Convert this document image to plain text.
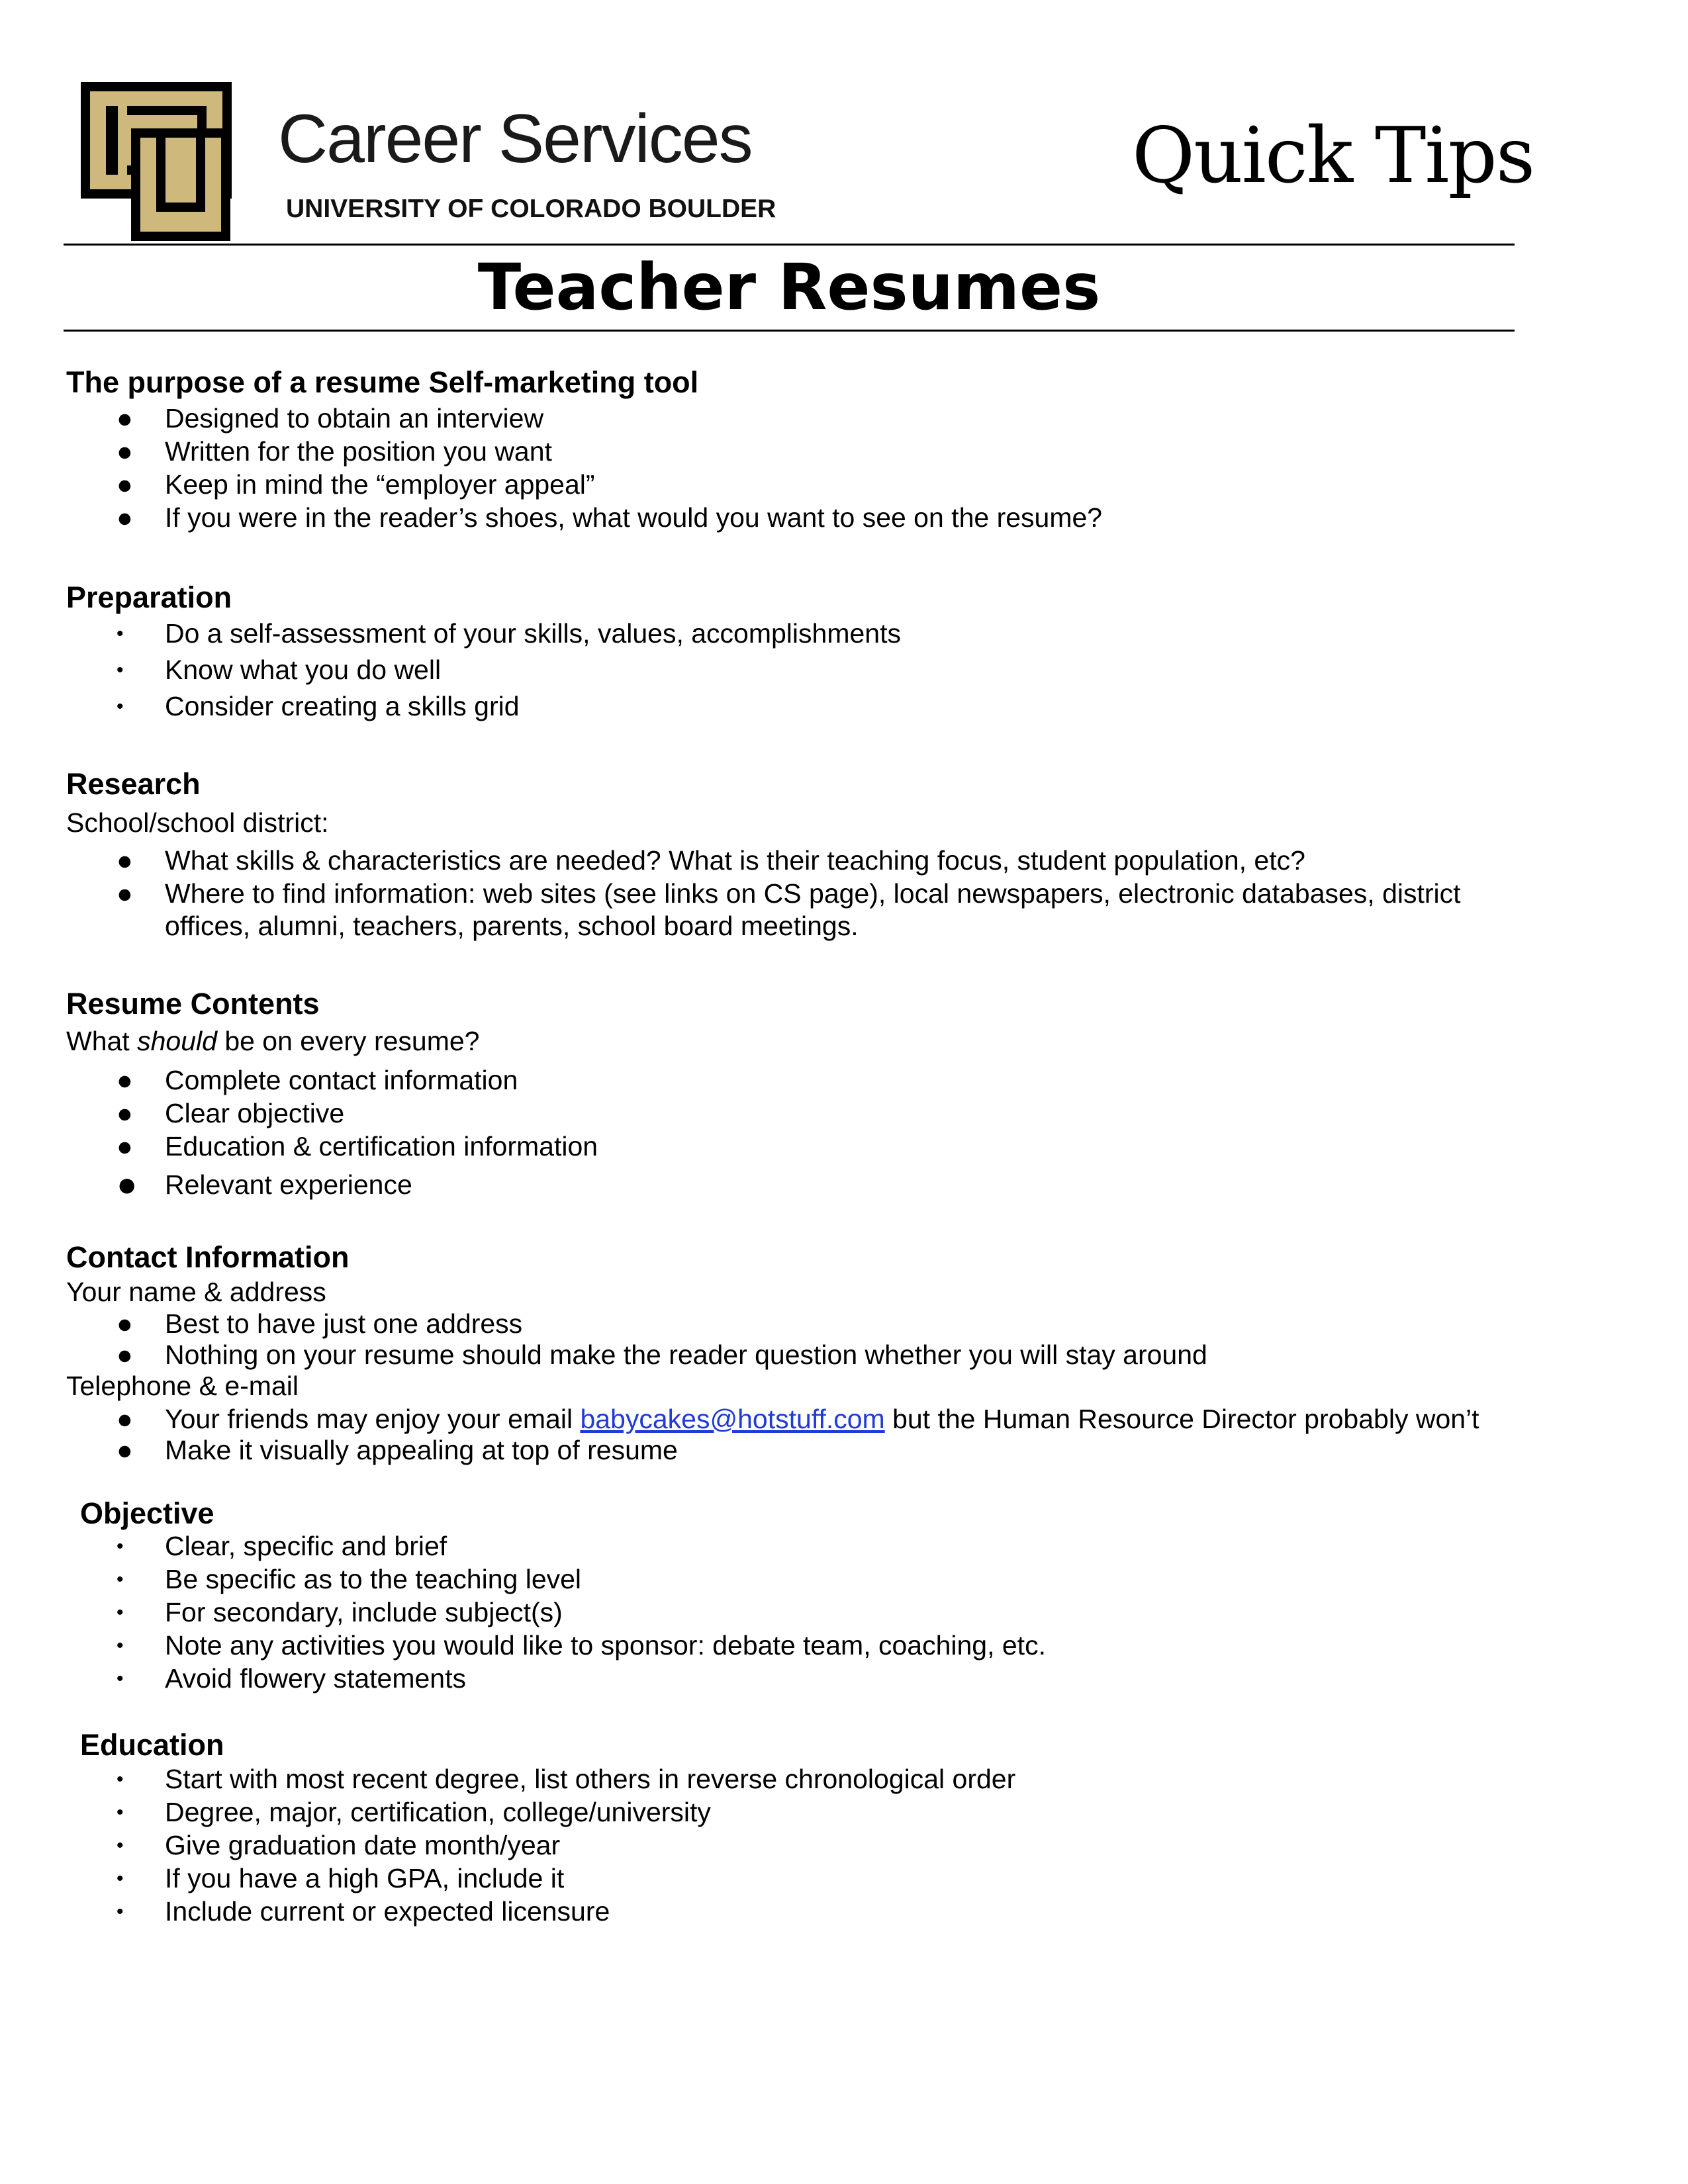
Career Services
UNIVERSITY OF COLORADO BOULDER
Quick Tips
Teacher Resumes
The purpose of a resume Self-marketing tool
● Designed to obtain an interview
● Written for the position you want
● Keep in mind the “employer appeal”
● If you were in the reader’s shoes, what would you want to see on the resume?
Preparation
• Do a self-assessment of your skills, values, accomplishments
• Know what you do well
• Consider creating a skills grid
Research
School/school district:
● What skills & characteristics are needed? What is their teaching focus, student population, etc?
● Where to find information: web sites (see links on CS page), local newspapers, electronic databases, district
offices, alumni, teachers, parents, school board meetings.
Resume Contents
What should be on every resume?
● Complete contact information
● Clear objective
● Education & certification information
● Relevant experience
Contact Information
Your name & address
● Best to have just one address
● Nothing on your resume should make the reader question whether you will stay around
Telephone & e-mail
● Your friends may enjoy your email babycakes@hotstuff.com but the Human Resource Director probably won’t
● Make it visually appealing at top of resume
Objective
• Clear, specific and brief
• Be specific as to the teaching level
• For secondary, include subject(s)
• Note any activities you would like to sponsor: debate team, coaching, etc.
• Avoid flowery statements
Education
• Start with most recent degree, list others in reverse chronological order
• Degree, major, certification, college/university
• Give graduation date month/year
• If you have a high GPA, include it
• Include current or expected licensure
